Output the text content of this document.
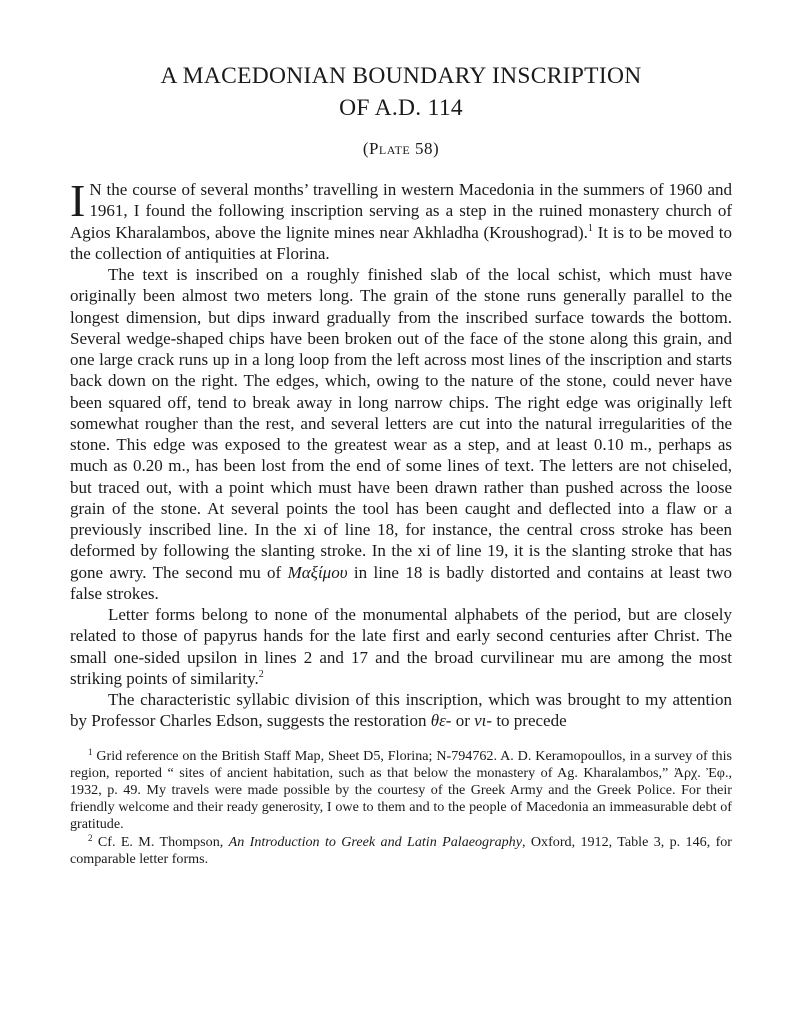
A MACEDONIAN BOUNDARY INSCRIPTION
OF A.D. 114
(Plate 58)

I N the course of several months’ travelling in western Macedonia in the summers of 1960 and 1961, I found the following inscription serving as a step in the ruined monastery church of Agios Kharalambos, above the lignite mines near Akhladha (Kroushograd).$^1$ It is to be moved to the collection of antiquities at Florina.

The text is inscribed on a roughly finished slab of the local schist, which must have originally been almost two meters long. The grain of the stone runs generally parallel to the longest dimension, but dips inward gradually from the inscribed surface towards the bottom. Several wedge-shaped chips have been broken out of the face of the stone along this grain, and one large crack runs up in a long loop from the left across most lines of the inscription and starts back down on the right. The edges, which, owing to the nature of the stone, could never have been squared off, tend to break away in long narrow chips. The right edge was originally left somewhat rougher than the rest, and several letters are cut into the natural irregularities of the stone. This edge was exposed to the greatest wear as a step, and at least 0.10 m., perhaps as much as 0.20 m., has been lost from the end of some lines of text. The letters are not chiseled, but traced out, with a point which must have been drawn rather than pushed across the loose grain of the stone. At several points the tool has been caught and deflected into a flaw or a previously inscribed line. In the xi of line 18, for instance, the central cross stroke has been deformed by following the slanting stroke. In the xi of line 19, it is the slanting stroke that has gone awry. The second mu of Μαξίμου in line 18 is badly distorted and contains at least two false strokes.

Letter forms belong to none of the monumental alphabets of the period, but are closely related to those of papyrus hands for the late first and early second centuries after Christ. The small one-sided upsilon in lines 2 and 17 and the broad curvilinear mu are among the most striking points of similarity.$^2$

The characteristic syllabic division of this inscription, which was brought to my attention by Professor Charles Edson, suggests the restoration θε- or νι- to precede

$^1$ Grid reference on the British Staff Map, Sheet D5, Florina; N-794762. A. D. Keramopoullos, in a survey of this region, reported “ sites of ancient habitation, such as that below the monastery of Ag. Kharalambos,” Ἀρχ. Ἐφ., 1932, p. 49. My travels were made possible by the courtesy of the Greek Army and the Greek Police. For their friendly welcome and their ready generosity, I owe to them and to the people of Macedonia an immeasurable debt of gratitude.

$^2$ Cf. E. M. Thompson, An Introduction to Greek and Latin Palaeography, Oxford, 1912, Table 3, p. 146, for comparable letter forms.
